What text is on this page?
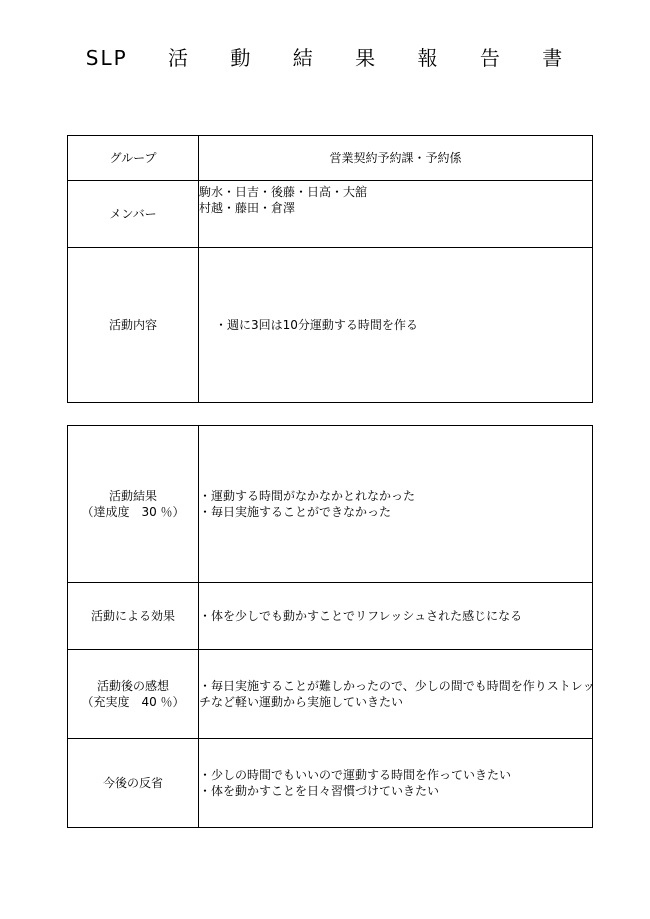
SLP 活 動 結 果 報 告 書
グループ	営業契約予約課・予約係
メンバー	駒水・日吉・後藤・日高・大舘
村越・藤田・倉澤

活動内容	・週に3回は10分運動する時間を作る
活動結果
（達成度　30 ％）	・運動する時間がなかなかとれなかった
・毎日実施することができなかった

活動による効果	・体を少しでも動かすことでリフレッシュされた感じになる

活動後の感想
（充実度　40 ％）	・毎日実施することが難しかったので、少しの間でも時間を作りストレッ
チなど軽い運動から実施していきたい

今後の反省	・少しの時間でもいいので運動する時間を作っていきたい
・体を動かすことを日々習慣づけていきたい
